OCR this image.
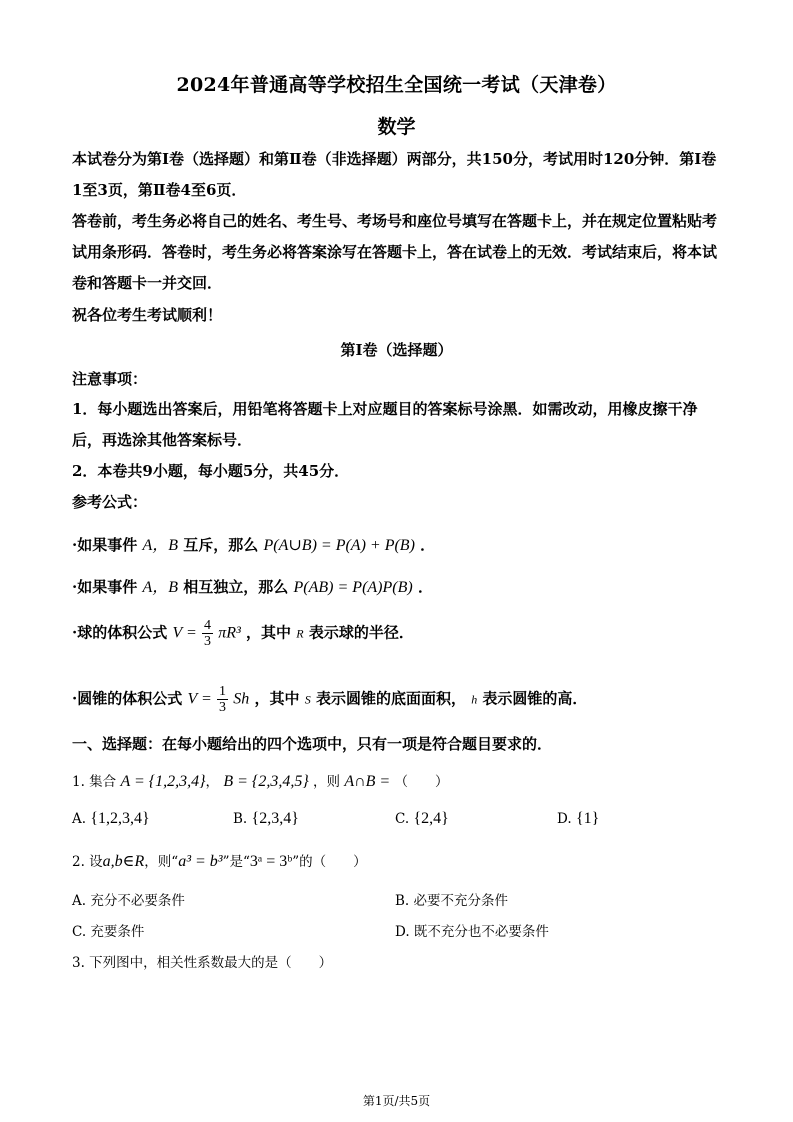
2024年普通高等学校招生全国统一考试（天津卷）
数学

本试卷分为第Ⅰ卷（选择题）和第Ⅱ卷（非选择题）两部分，共150分，考试用时120分钟．第Ⅰ卷1至3页，第Ⅱ卷4至6页．

答卷前，考生务必将自己的姓名、考生号、考场号和座位号填写在答题卡上，并在规定位置粘贴考试用条形码．答卷时，考生务必将答案涂写在答题卡上，答在试卷上的无效．考试结束后，将本试卷和答题卡一并交回．

祝各位考生考试顺利！

第Ⅰ卷（选择题）

注意事项：

1．每小题选出答案后，用铅笔将答题卡上对应题目的答案标号涂黑．如需改动，用橡皮擦干净后，再选涂其他答案标号．

2．本卷共9小题，每小题5分，共45分．

参考公式：

·如果事件 A，B 互斥，那么 P(A∪B) = P(A) + P(B) ．
·如果事件 A，B 相互独立，那么 P(AB) = P(A)P(B) ．
·球的体积公式 $V = \frac{4}{3} \pi R^3$ ，其中 R 表示球的半径．
·圆锥的体积公式 $V = \frac{1}{3}$ Sh ，其中 S 表示圆锥的底面面积， h 表示圆锥的高．
一、选择题：在每小题给出的四个选项中，只有一项是符合题目要求的．
1. 集合 A = {1,2,3,4}， B = {2,3,4,5} ，则 A∩B = （　　）
A. {1,2,3,4}	B. {2,3,4}	C. {2,4}	D. {1}
2. 设a,b∈R，则“a³ = b³”是“3ᵃ = 3ᵇ”的（　　）
A. 充分不必要条件	B. 必要不充分条件
C. 充要条件	D. 既不充分也不必要条件
3. 下列图中，相关性系数最大的是（　　）
第1页/共5页
